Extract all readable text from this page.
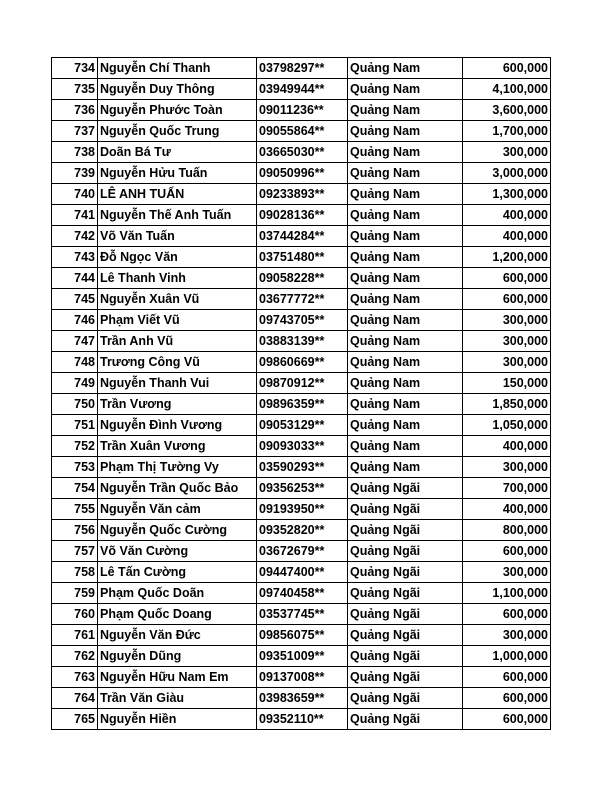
734	Nguyễn Chí Thanh	03798297**	Quảng Nam	600,000
735	Nguyễn Duy Thông	03949944**	Quảng Nam	4,100,000
736	Nguyễn Phước Toàn	09011236**	Quảng Nam	3,600,000
737	Nguyễn Quốc Trung	09055864**	Quảng Nam	1,700,000
738	Doãn Bá Tư	03665030**	Quảng Nam	300,000
739	Nguyễn Hửu Tuấn	09050996**	Quảng Nam	3,000,000
740	LÊ ANH TUẤN	09233893**	Quảng Nam	1,300,000
741	Nguyễn Thế Anh Tuấn	09028136**	Quảng Nam	400,000
742	Võ Văn Tuấn	03744284**	Quảng Nam	400,000
743	Đỗ Ngọc Văn	03751480**	Quảng Nam	1,200,000
744	Lê Thanh Vinh	09058228**	Quảng Nam	600,000
745	Nguyễn Xuân Vũ	03677772**	Quảng Nam	600,000
746	Phạm Viết Vũ	09743705**	Quảng Nam	300,000
747	Trần Anh Vũ	03883139**	Quảng Nam	300,000
748	Trương Công Vũ	09860669**	Quảng Nam	300,000
749	Nguyễn Thanh Vui	09870912**	Quảng Nam	150,000
750	Trần Vương	09896359**	Quảng Nam	1,850,000
751	Nguyễn Đình Vương	09053129**	Quảng Nam	1,050,000
752	Trần Xuân Vương	09093033**	Quảng Nam	400,000
753	Phạm Thị Tường Vy	03590293**	Quảng Nam	300,000
754	Nguyễn Trần Quốc Bảo	09356253**	Quảng Ngãi	700,000
755	Nguyễn Văn cảm	09193950**	Quảng Ngãi	400,000
756	Nguyễn Quốc Cường	09352820**	Quảng Ngãi	800,000
757	Võ Văn Cường	03672679**	Quảng Ngãi	600,000
758	Lê Tấn Cường	09447400**	Quảng Ngãi	300,000
759	Phạm Quốc Doãn	09740458**	Quảng Ngãi	1,100,000
760	Phạm Quốc Doang	03537745**	Quảng Ngãi	600,000
761	Nguyễn Văn Đức	09856075**	Quảng Ngãi	300,000
762	Nguyễn Dũng	09351009**	Quảng Ngãi	1,000,000
763	Nguyễn Hữu Nam Em	09137008**	Quảng Ngãi	600,000
764	Trần Văn Giàu	03983659**	Quảng Ngãi	600,000
765	Nguyễn Hiền	09352110**	Quảng Ngãi	600,000
